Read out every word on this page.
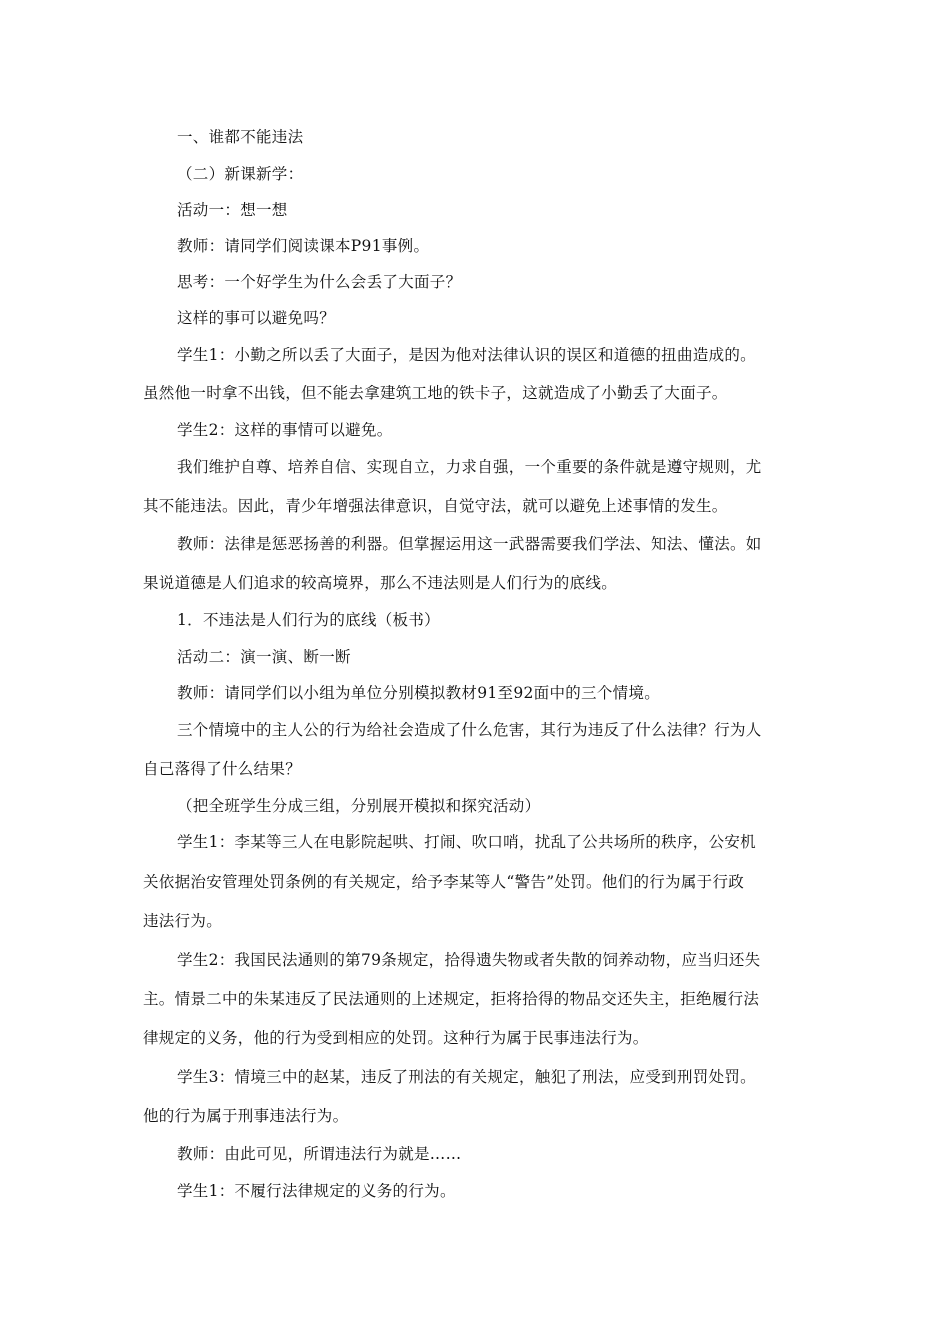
一、谁都不能违法
（二）新课新学：
活动一：想一想
教师：请同学们阅读课本P91事例。
思考：一个好学生为什么会丢了大面子？
这样的事可以避免吗？
学生1：小勤之所以丢了大面子，是因为他对法律认识的误区和道德的扭曲造成的。
虽然他一时拿不出钱，但不能去拿建筑工地的铁卡子，这就造成了小勤丢了大面子。
学生2：这样的事情可以避免。
我们维护自尊、培养自信、实现自立，力求自强，一个重要的条件就是遵守规则，尤
其不能违法。因此，青少年增强法律意识，自觉守法，就可以避免上述事情的发生。
教师：法律是惩恶扬善的利器。但掌握运用这一武器需要我们学法、知法、懂法。如
果说道德是人们追求的较高境界，那么不违法则是人们行为的底线。
1．不违法是人们行为的底线（板书）
活动二：演一演、断一断
教师：请同学们以小组为单位分别模拟教材91至92面中的三个情境。
三个情境中的主人公的行为给社会造成了什么危害，其行为违反了什么法律？行为人
自己落得了什么结果？
（把全班学生分成三组，分别展开模拟和探究活动）
学生1：李某等三人在电影院起哄、打闹、吹口哨，扰乱了公共场所的秩序，公安机
关依据治安管理处罚条例的有关规定，给予李某等人“警告”处罚。他们的行为属于行政
违法行为。
学生2：我国民法通则的第79条规定，拾得遗失物或者失散的饲养动物，应当归还失
主。情景二中的朱某违反了民法通则的上述规定，拒将拾得的物品交还失主，拒绝履行法
律规定的义务，他的行为受到相应的处罚。这种行为属于民事违法行为。
学生3：情境三中的赵某，违反了刑法的有关规定，触犯了刑法，应受到刑罚处罚。
他的行为属于刑事违法行为。
教师：由此可见，所谓违法行为就是……
学生1：不履行法律规定的义务的行为。
